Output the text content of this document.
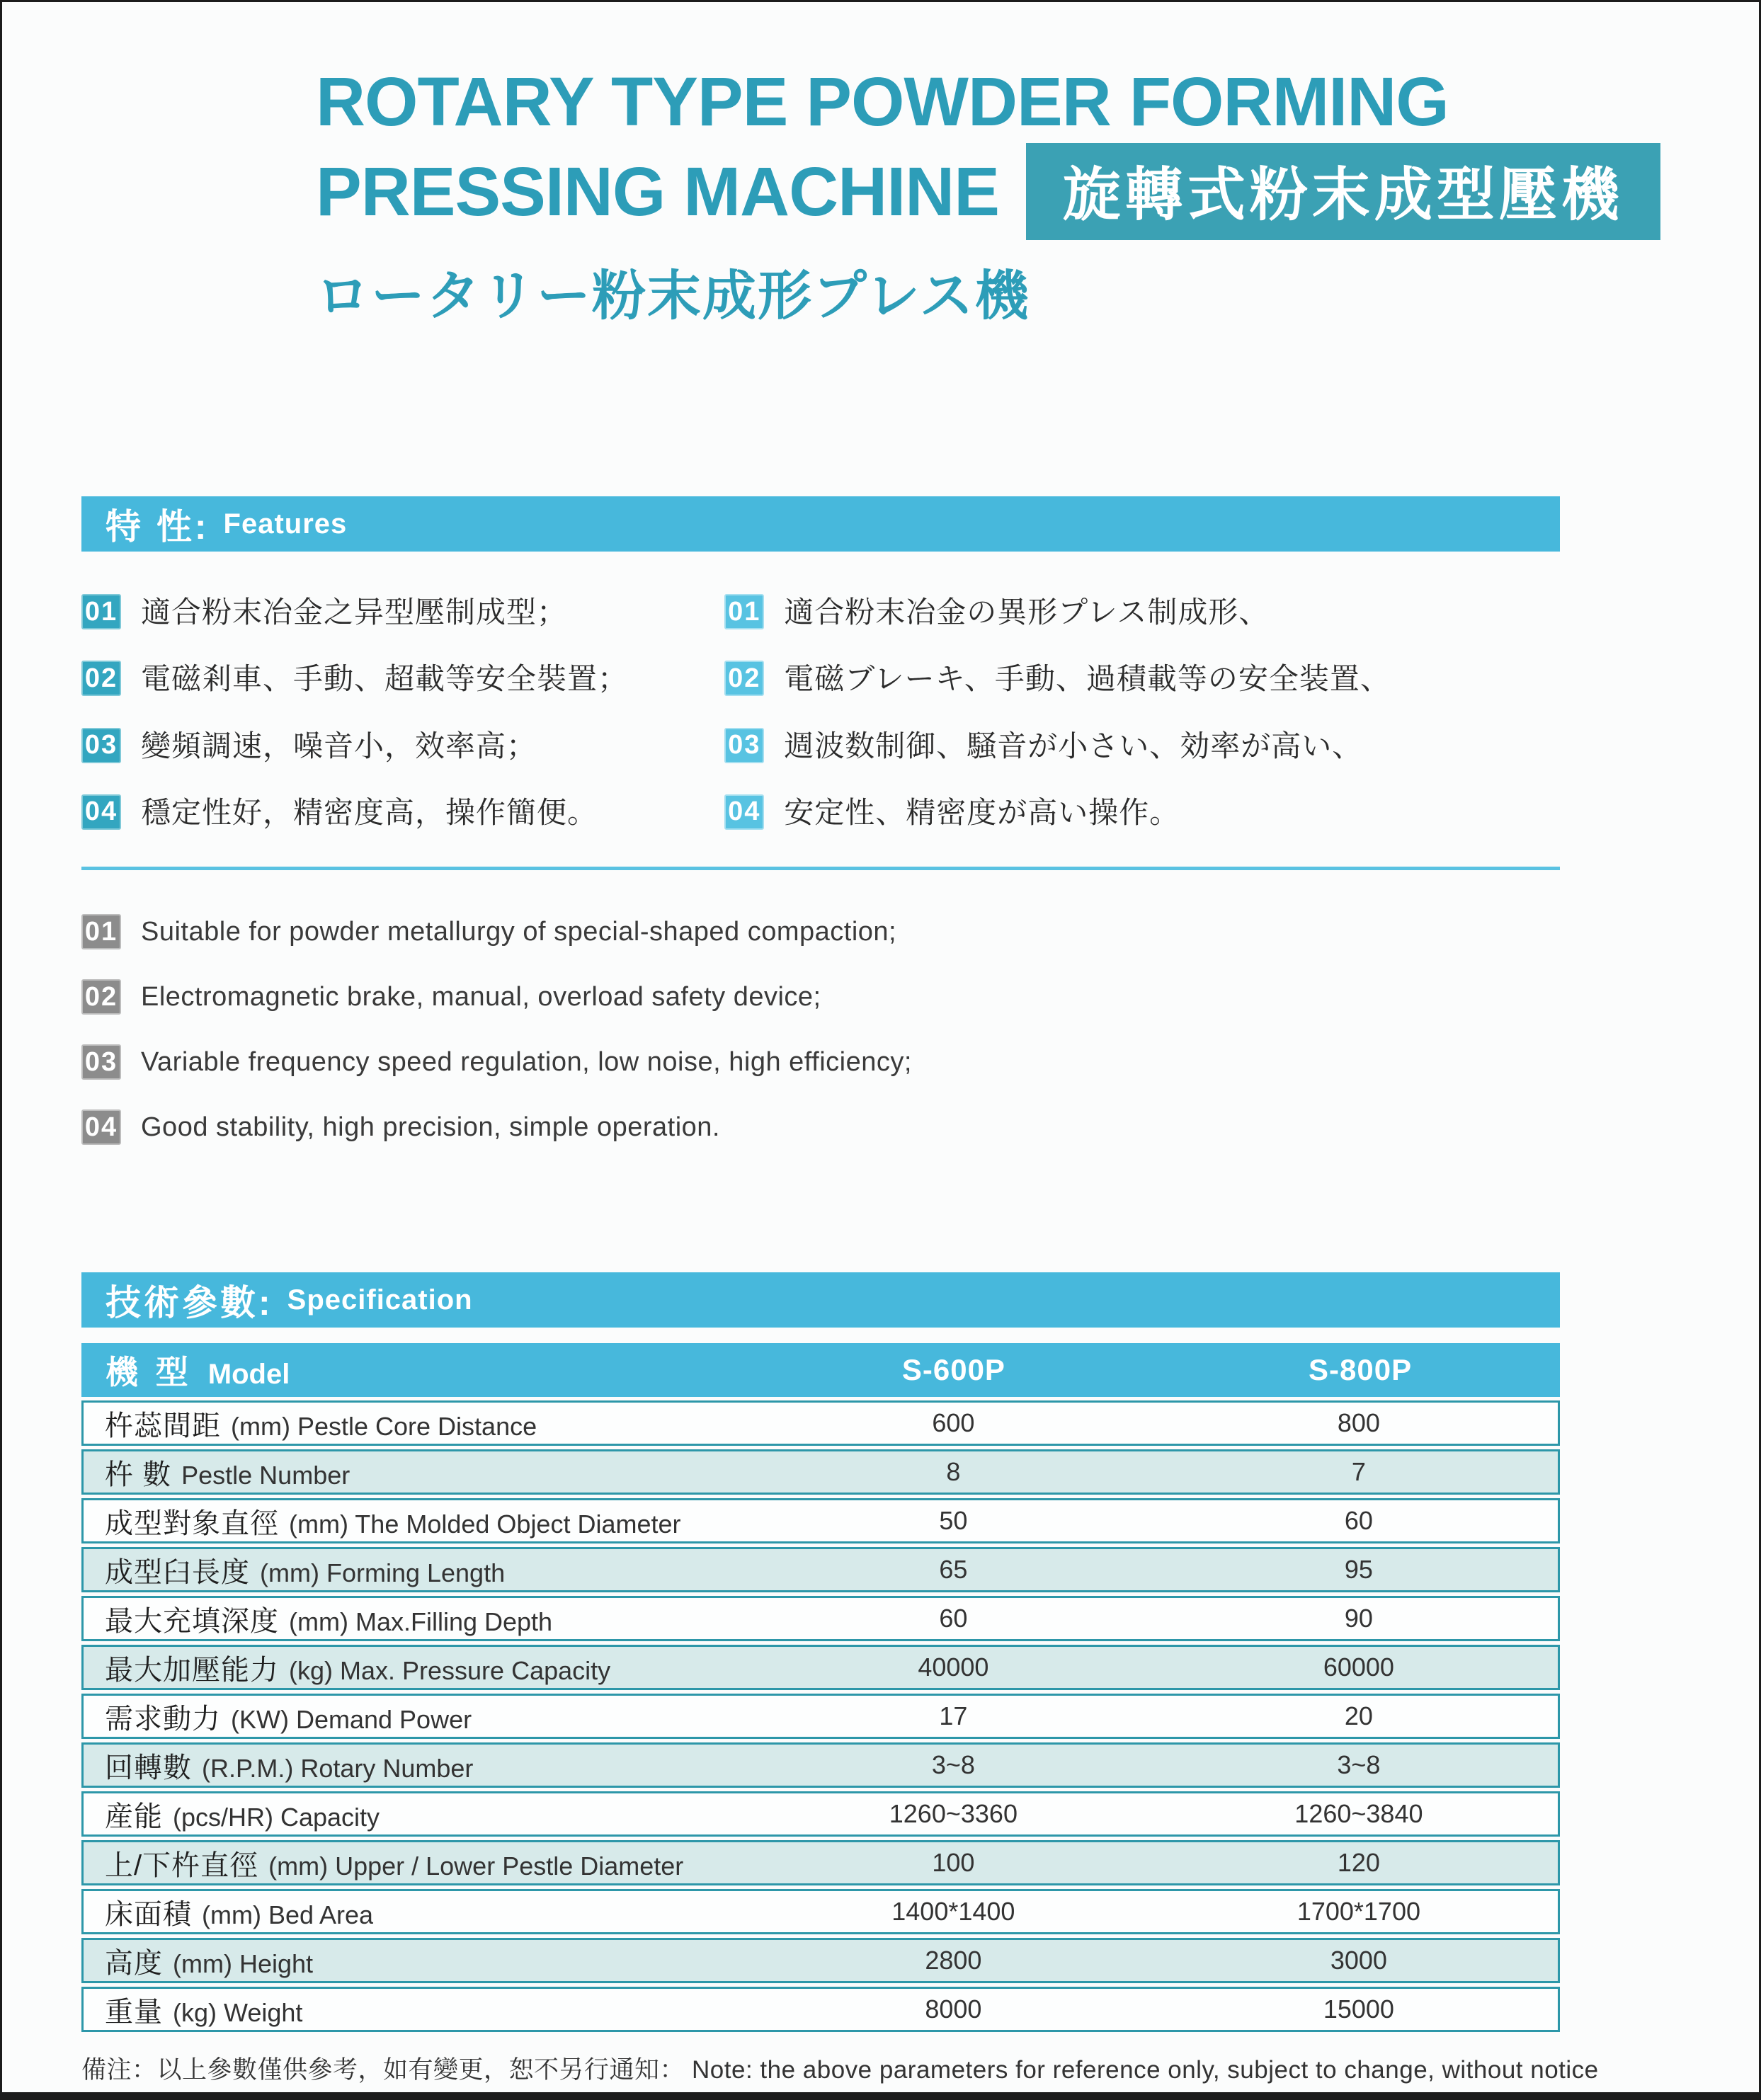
ROTARY TYPE POWDER FORMING
PRESSING MACHINE	旋轉式粉末成型壓機
ロータリー粉末成形プレス機
特 性: Features
01 適合粉末冶金之异型壓制成型；	01 適合粉末冶金の異形プレス制成形、
02 電磁剎車、手動、超載等安全裝置；	02 電磁ブレーキ、手動、過積載等の安全装置、
03 變頻調速，噪音小，效率高；	03 週波数制御、騒音が小さい、効率が高い、
04 穩定性好，精密度高，操作簡便。	04 安定性、精密度が高い操作。
01 Suitable for powder metallurgy of special-shaped compaction;
02 Electromagnetic brake, manual, overload safety device;
03 Variable frequency speed regulation, low noise, high efficiency;
04 Good stability, high precision, simple operation.
技術參數: Specification
機 型 Model	S-600P	S-800P
杵蕊間距 (mm) Pestle Core Distance	600	800
杵 數 Pestle Number	8	7
成型對象直徑 (mm) The Molded Object Diameter	50	60
成型臼長度 (mm) Forming Length	65	95
最大充填深度 (mm) Max.Filling Depth	60	90
最大加壓能力 (kg) Max. Pressure Capacity	40000	60000
需求動力 (KW) Demand Power	17	20
回轉數 (R.P.M.) Rotary Number	3~8	3~8
産能 (pcs/HR) Capacity	1260~3360	1260~3840
上/下杵直徑 (mm) Upper / Lower Pestle Diameter	100	120
床面積 (mm) Bed Area	1400*1400	1700*1700
高度 (mm) Height	2800	3000
重量 (kg) Weight	8000	15000
備注：以上參數僅供參考，如有變更，恕不另行通知： Note: the above parameters for reference only, subject to change, without notice
